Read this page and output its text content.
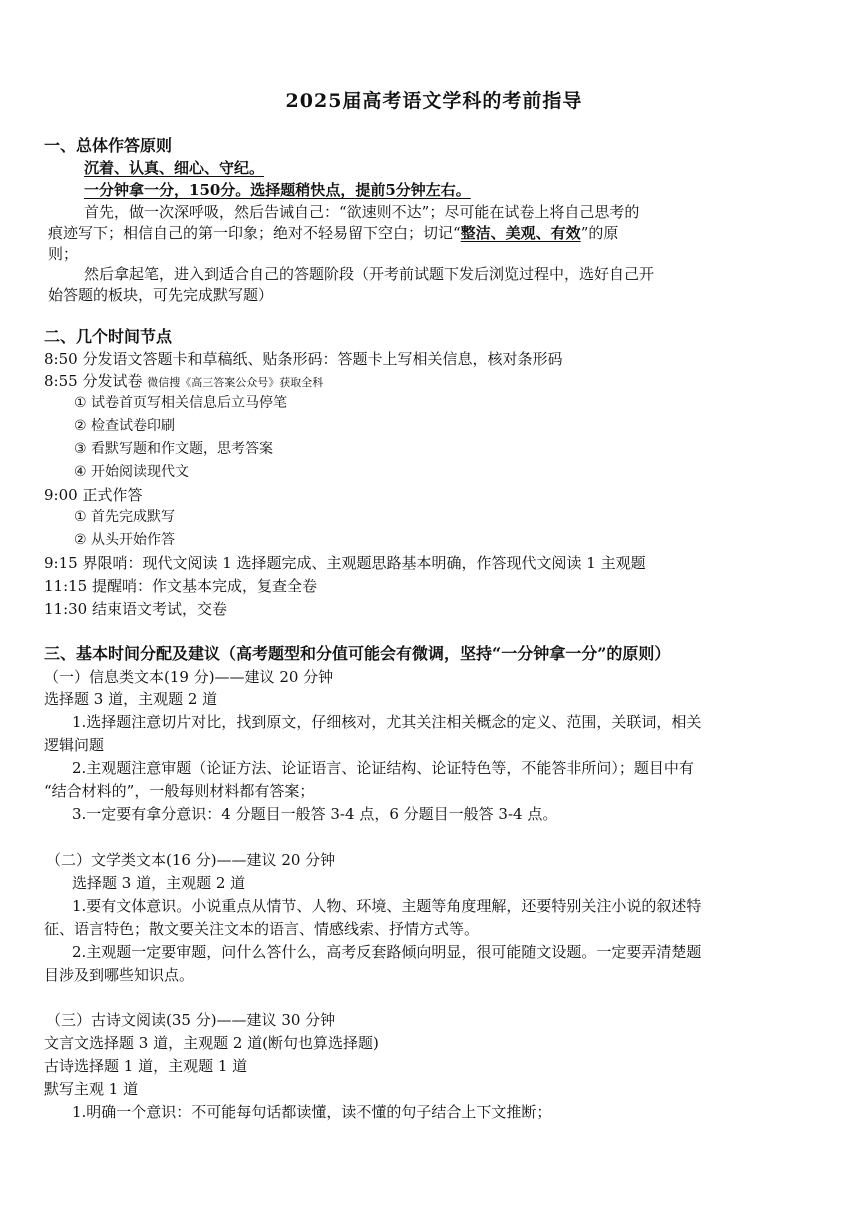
2025届高考语文学科的考前指导
一、总体作答原则
沉着、认真、细心、守纪。
一分钟拿一分，150分。选择题稍快点，提前5分钟左右。
首先，做一次深呼吸，然后告诫自己：“欲速则不达”；尽可能在试卷上将自己思考的
痕迹写下；相信自己的第一印象；绝对不轻易留下空白；切记“整洁、美观、有效”的原
则；
然后拿起笔，进入到适合自己的答题阶段（开考前试题下发后浏览过程中，选好自己开
始答题的板块，可先完成默写题）
二、几个时间节点
8:50 分发语文答题卡和草稿纸、贴条形码：答题卡上写相关信息，核对条形码
8:55 分发试卷 微信搜《高三答案公众号》获取全科
① 试卷首页写相关信息后立马停笔
② 检查试卷印刷
③ 看默写题和作文题，思考答案
④ 开始阅读现代文
9:00 正式作答
① 首先完成默写
② 从头开始作答
9:15 界限哨：现代文阅读 1 选择题完成、主观题思路基本明确，作答现代文阅读 1 主观题
11:15 提醒哨：作文基本完成，复查全卷
11:30 结束语文考试，交卷
三、基本时间分配及建议（高考题型和分值可能会有微调，坚持“一分钟拿一分”的原则）
（一）信息类文本(19 分)——建议 20 分钟
选择题 3 道，主观题 2 道
1.选择题注意切片对比，找到原文，仔细核对，尤其关注相关概念的定义、范围，关联词，相关
逻辑问题
2.主观题注意审题（论证方法、论证语言、论证结构、论证特色等，不能答非所问）；题目中有
“结合材料的”，一般每则材料都有答案；
3.一定要有拿分意识：4 分题目一般答 3-4 点，6 分题目一般答 3-4 点。
（二）文学类文本(16 分)——建议 20 分钟
选择题 3 道，主观题 2 道
1.要有文体意识。小说重点从情节、人物、环境、主题等角度理解，还要特别关注小说的叙述特
征、语言特色；散文要关注文本的语言、情感线索、抒情方式等。
2.主观题一定要审题，问什么答什么，高考反套路倾向明显，很可能随文设题。一定要弄清楚题
目涉及到哪些知识点。
（三）古诗文阅读(35 分)——建议 30 分钟
文言文选择题 3 道，主观题 2 道(断句也算选择题)
古诗选择题 1 道，主观题 1 道
默写主观 1 道
1.明确一个意识：不可能每句话都读懂，读不懂的句子结合上下文推断；
